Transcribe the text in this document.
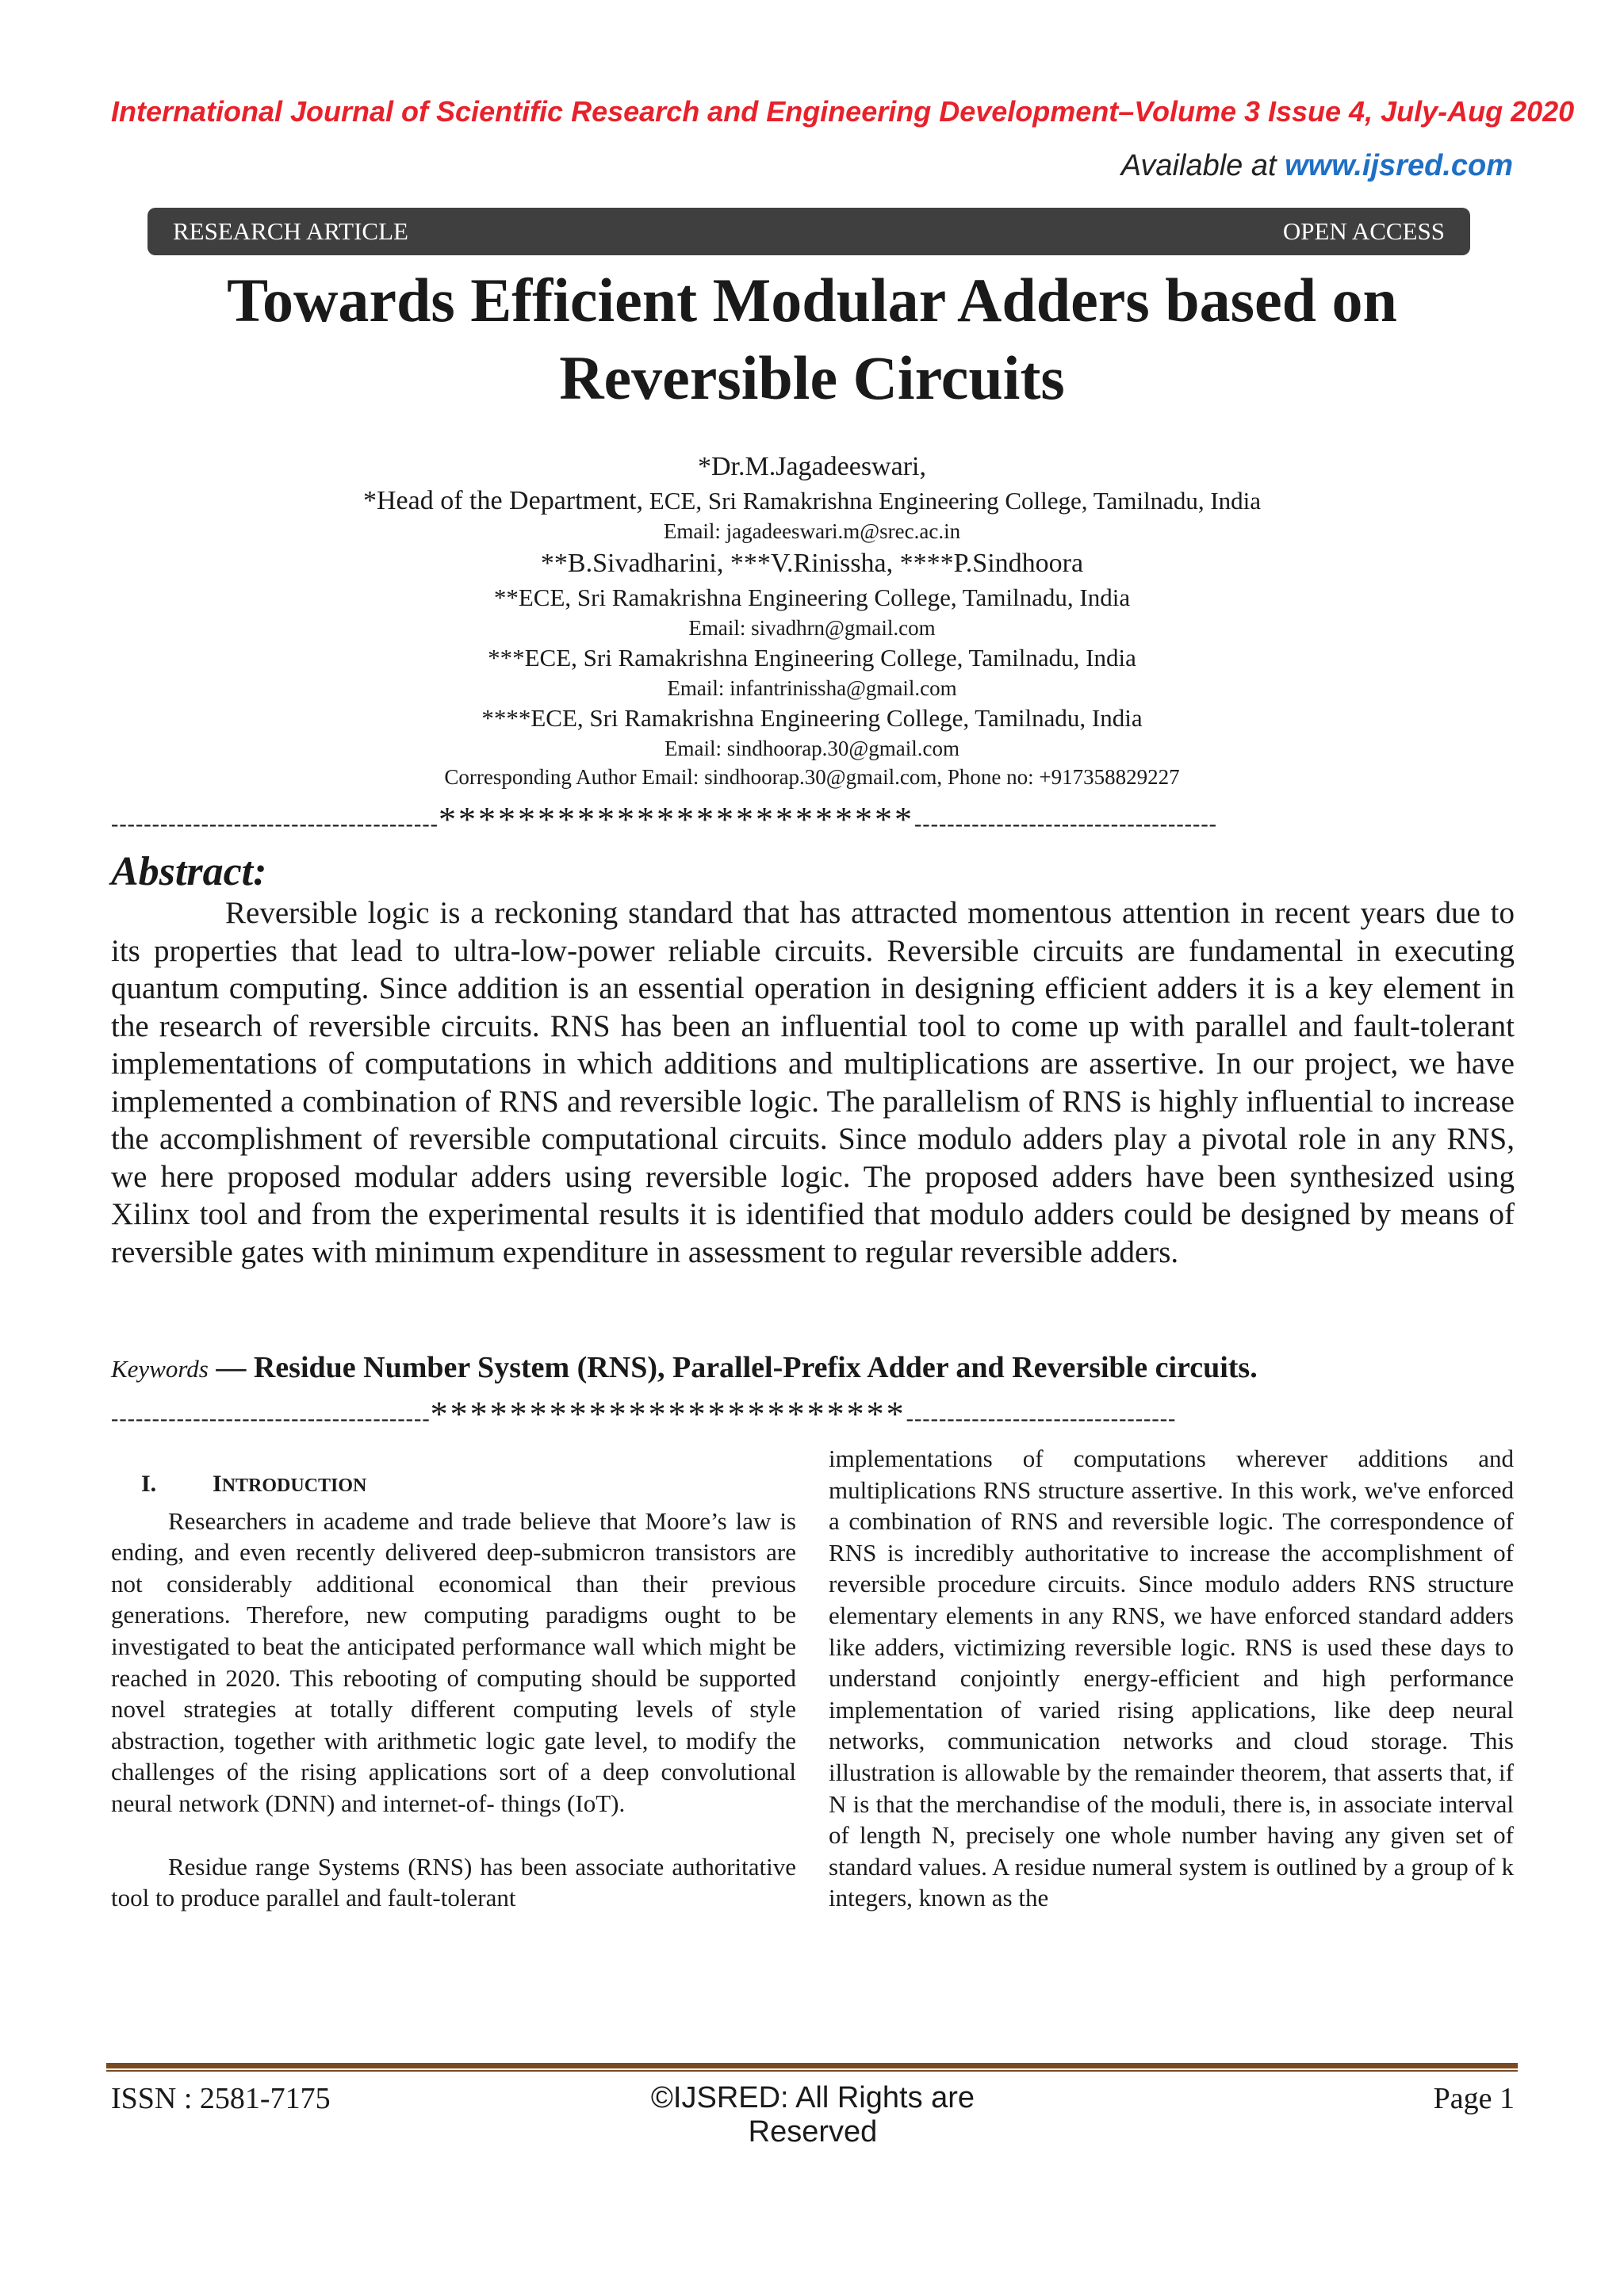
International Journal of Scientific Research and Engineering Development–Volume 3 Issue 4, July-Aug 2020
Available at www.ijsred.com
RESEARCH ARTICLE	OPEN ACCESS
Towards Efficient Modular Adders based on
Reversible Circuits
*Dr.M.Jagadeeswari,
*Head of the Department, ECE, Sri Ramakrishna Engineering College, Tamilnadu, India
Email: jagadeeswari.m@srec.ac.in
**B.Sivadharini, ***V.Rinissha, ****P.Sindhoora
**ECE, Sri Ramakrishna Engineering College, Tamilnadu, India
Email: sivadhrn@gmail.com
***ECE, Sri Ramakrishna Engineering College, Tamilnadu, India
Email: infantrinissha@gmail.com
****ECE, Sri Ramakrishna Engineering College, Tamilnadu, India
Email: sindhoorap.30@gmail.com
Corresponding Author Email: sindhoorap.30@gmail.com, Phone no: +917358829227
----------------------------------------************************-------------------------------------
Abstract:

Reversible logic is a reckoning standard that has attracted momentous attention in recent years due to its properties that lead to ultra-low-power reliable circuits. Reversible circuits are fundamental in executing quantum computing. Since addition is an essential operation in designing efficient adders it is a key element in the research of reversible circuits. RNS has been an influential tool to come up with parallel and fault-tolerant implementations of computations in which additions and multiplications are assertive. In our project, we have implemented a combination of RNS and reversible logic. The parallelism of RNS is highly influential to increase the accomplishment of reversible computational circuits. Since modulo adders play a pivotal role in any RNS, we here proposed modular adders using reversible logic. The proposed adders have been synthesized using Xilinx tool and from the experimental results it is identified that modulo adders could be designed by means of reversible gates with minimum expenditure in assessment to regular reversible adders.

Keywords — Residue Number System (RNS), Parallel-Prefix Adder and Reversible circuits.
---------------------------------------************************---------------------------------
I. INTRODUCTION

Researchers in academe and trade believe that Moore’s law is ending, and even recently delivered deep-submicron transistors are not considerably additional economical than their previous generations. Therefore, new computing paradigms ought to be investigated to beat the anticipated performance wall which might be reached in 2020. This rebooting of computing should be supported novel strategies at totally different computing levels of style abstraction, together with arithmetic logic gate level, to modify the challenges of the rising applications sort of a deep convolutional neural network (DNN) and internet-of- things (IoT).

Residue range Systems (RNS) has been associate authoritative tool to produce parallel and fault-tolerant

implementations of computations wherever additions and multiplications RNS structure assertive. In this work, we've enforced a combination of RNS and reversible logic. The correspondence of RNS is incredibly authoritative to increase the accomplishment of reversible procedure circuits. Since modulo adders RNS structure elementary elements in any RNS, we have enforced standard adders like adders, victimizing reversible logic. RNS is used these days to understand conjointly energy-efficient and high performance implementation of varied rising applications, like deep neural networks, communication networks and cloud storage. This illustration is allowable by the remainder theorem, that asserts that, if N is that the merchandise of the moduli, there is, in associate interval of length N, precisely one whole number having any given set of standard values. A residue numeral system is outlined by a group of k integers, known as the

ISSN : 2581-7175	©IJSRED: All Rights are Reserved
Page 1
